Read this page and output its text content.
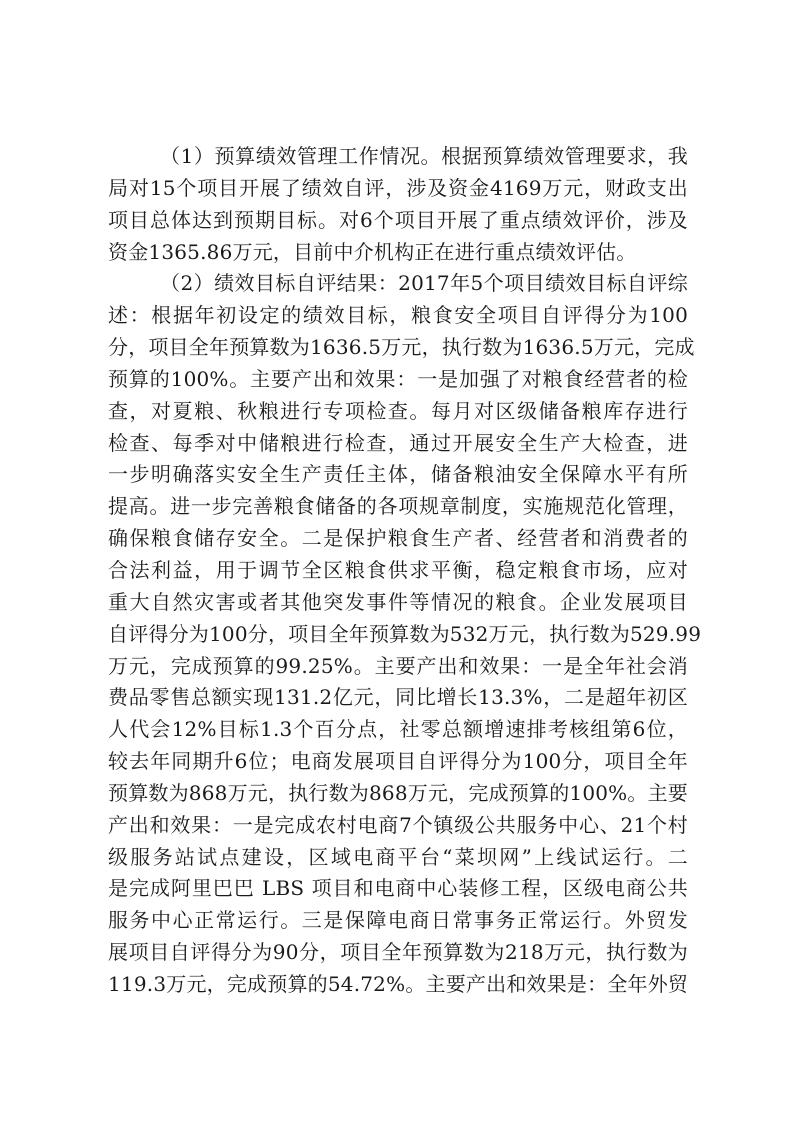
（1）预算绩效管理工作情况。根据预算绩效管理要求，我
局对15个项目开展了绩效自评，涉及资金4169万元，财政支出
项目总体达到预期目标。对6个项目开展了重点绩效评价，涉及
资金1365.86万元，目前中介机构正在进行重点绩效评估。
（2）绩效目标自评结果：2017年5个项目绩效目标自评综
述：根据年初设定的绩效目标，粮食安全项目自评得分为100
分，项目全年预算数为1636.5万元，执行数为1636.5万元，完成
预算的100%。主要产出和效果：一是加强了对粮食经营者的检
查，对夏粮、秋粮进行专项检查。每月对区级储备粮库存进行
检查、每季对中储粮进行检查，通过开展安全生产大检查，进
一步明确落实安全生产责任主体，储备粮油安全保障水平有所
提高。进一步完善粮食储备的各项规章制度，实施规范化管理，
确保粮食储存安全。二是保护粮食生产者、经营者和消费者的
合法利益，用于调节全区粮食供求平衡，稳定粮食市场，应对
重大自然灾害或者其他突发事件等情况的粮食。企业发展项目
自评得分为100分，项目全年预算数为532万元，执行数为529.99
万元，完成预算的99.25%。主要产出和效果：一是全年社会消
费品零售总额实现131.2亿元，同比增长13.3%，二是超年初区
人代会12%目标1.3个百分点，社零总额增速排考核组第6位，
较去年同期升6位；电商发展项目自评得分为100分，项目全年
预算数为868万元，执行数为868万元，完成预算的100%。主要
产出和效果：一是完成农村电商7个镇级公共服务中心、21个村
级服务站试点建设，区域电商平台“菜坝网”上线试运行。二
是完成阿里巴巴 LBS 项目和电商中心装修工程，区级电商公共
服务中心正常运行。三是保障电商日常事务正常运行。外贸发
展项目自评得分为90分，项目全年预算数为218万元，执行数为
119.3万元，完成预算的54.72%。主要产出和效果是：全年外贸
